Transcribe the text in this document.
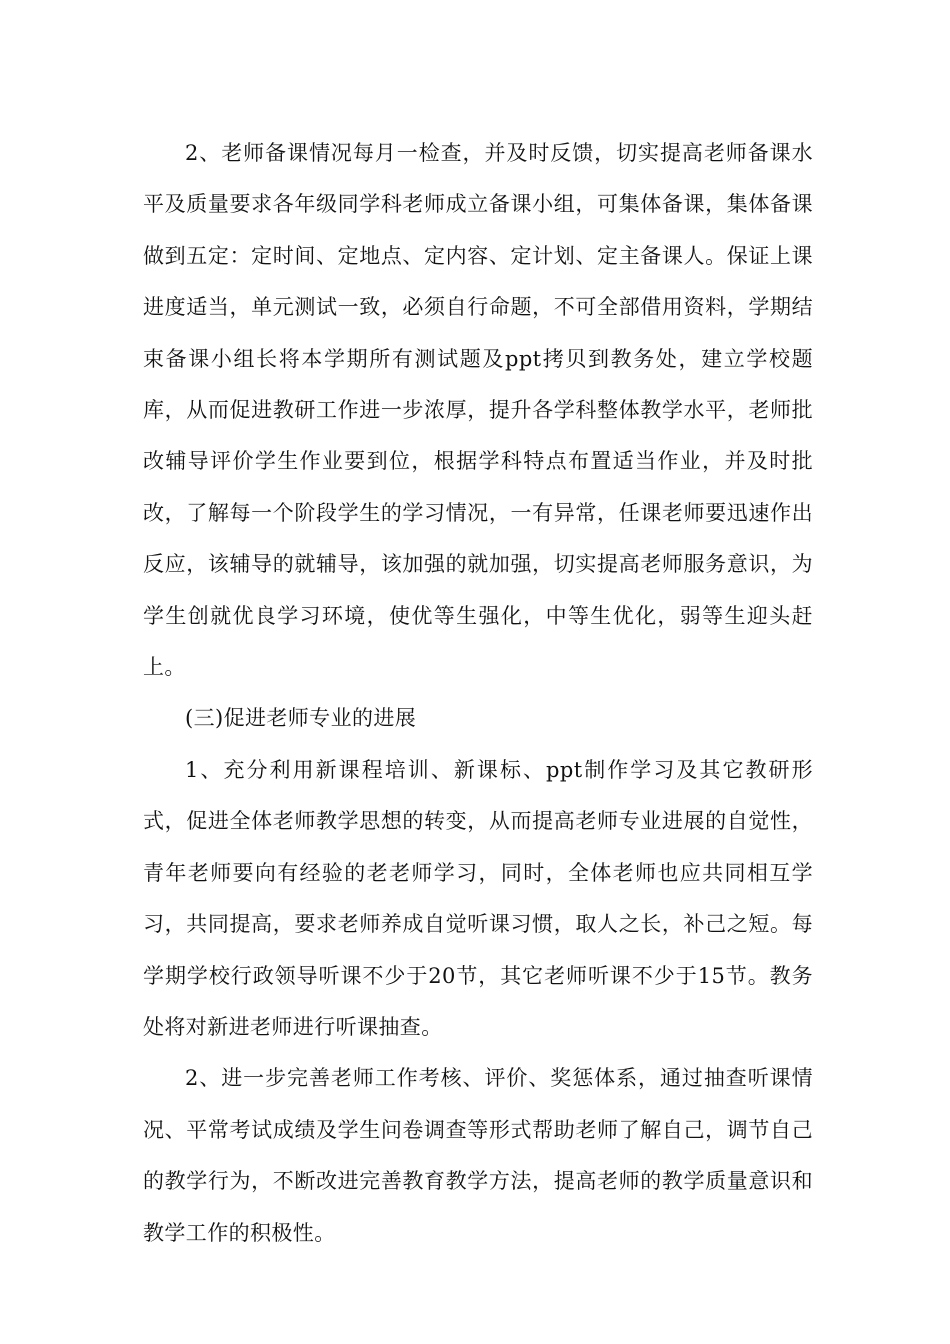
2、老师备课情况每月一检查，并及时反馈，切实提高老师备课水平及质量要求各年级同学科老师成立备课小组，可集体备课，集体备课做到五定：定时间、定地点、定内容、定计划、定主备课人。保证上课进度适当，单元测试一致，必须自行命题，不可全部借用资料，学期结束备课小组长将本学期所有测试题及ppt拷贝到教务处，建立学校题库，从而促进教研工作进一步浓厚，提升各学科整体教学水平，老师批改辅导评价学生作业要到位，根据学科特点布置适当作业，并及时批改，了解每一个阶段学生的学习情况，一有异常，任课老师要迅速作出反应，该辅导的就辅导，该加强的就加强，切实提高老师服务意识，为学生创就优良学习环境，使优等生强化，中等生优化，弱等生迎头赶上。

(三)促进老师专业的进展

1、充分利用新课程培训、新课标、ppt制作学习及其它教研形式，促进全体老师教学思想的转变，从而提高老师专业进展的自觉性，青年老师要向有经验的老老师学习，同时，全体老师也应共同相互学习，共同提高，要求老师养成自觉听课习惯，取人之长，补己之短。每学期学校行政领导听课不少于20节，其它老师听课不少于15节。教务处将对新进老师进行听课抽查。

2、进一步完善老师工作考核、评价、奖惩体系，通过抽查听课情况、平常考试成绩及学生问卷调查等形式帮助老师了解自己，调节自己的教学行为，不断改进完善教育教学方法，提高老师的教学质量意识和教学工作的积极性。
